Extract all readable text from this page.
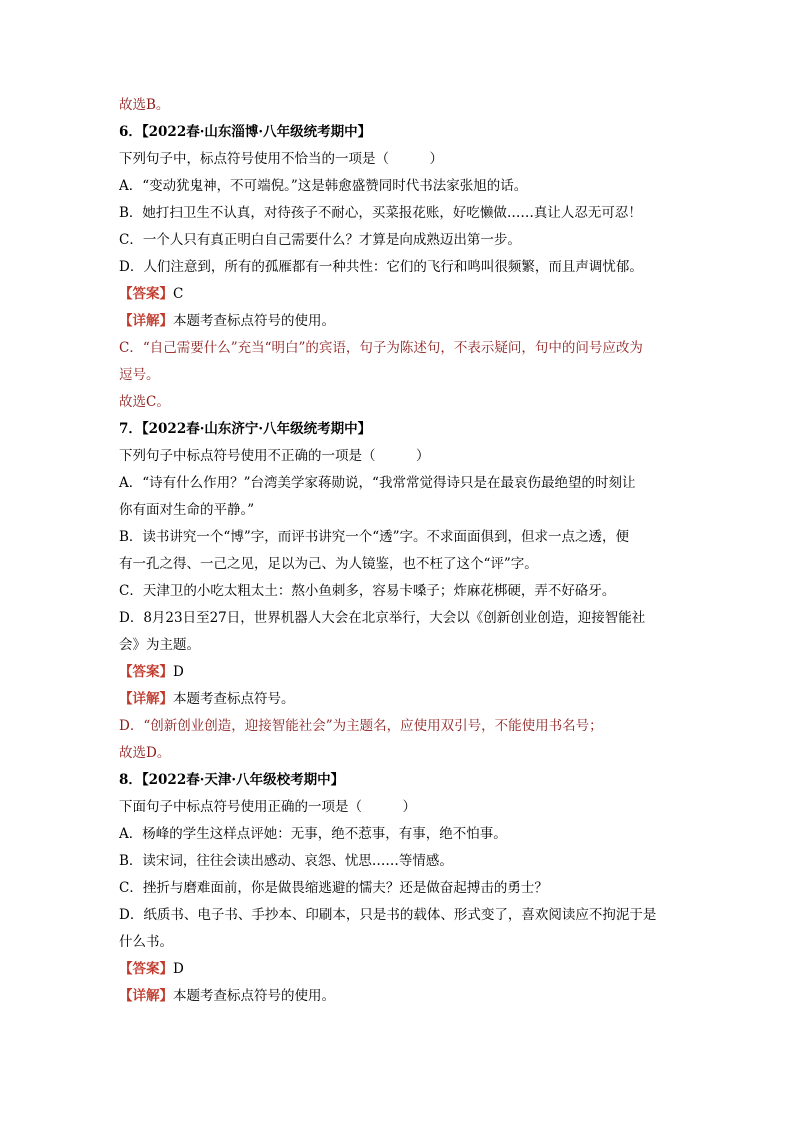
故选B。
6．【2022春·山东淄博·八年级统考期中】
下列句子中，标点符号使用不恰当的一项是（　　　）
A．“变动犹鬼神，不可端倪。”这是韩愈盛赞同时代书法家张旭的话。
B．她打扫卫生不认真，对待孩子不耐心，买菜报花账，好吃懒做……真让人忍无可忍！
C．一个人只有真正明白自己需要什么？才算是向成熟迈出第一步。
D．人们注意到，所有的孤雁都有一种共性：它们的飞行和鸣叫很频繁，而且声调忧郁。
【答案】C
【详解】本题考查标点符号的使用。
C．“自己需要什么”充当“明白”的宾语，句子为陈述句，不表示疑问，句中的问号应改为
逗号。
故选C。
7．【2022春·山东济宁·八年级统考期中】
下列句子中标点符号使用不正确的一项是（　　　）
A．“诗有什么作用？”台湾美学家蒋勋说，“我常常觉得诗只是在最哀伤最绝望的时刻让
你有面对生命的平静。”
B．读书讲究一个“博”字，而评书讲究一个“透”字。不求面面俱到，但求一点之透，便
有一孔之得、一己之见，足以为己、为人镜鉴，也不枉了这个“评”字。
C．天津卫的小吃太粗太土：熬小鱼刺多，容易卡嗓子；炸麻花梆硬，弄不好硌牙。
D．8月23日至27日，世界机器人大会在北京举行，大会以《创新创业创造，迎接智能社
会》为主题。
【答案】D
【详解】本题考查标点符号。
D．“创新创业创造，迎接智能社会”为主题名，应使用双引号，不能使用书名号；
故选D。
8．【2022春·天津·八年级校考期中】
下面句子中标点符号使用正确的一项是（　　　）
A．杨峰的学生这样点评她：无事，绝不惹事，有事，绝不怕事。
B．读宋词，往往会读出感动、哀怨、忧思……等情感。
C．挫折与磨难面前，你是做畏缩逃避的懦夫？还是做奋起搏击的勇士？
D．纸质书、电子书、手抄本、印刷本，只是书的载体、形式变了，喜欢阅读应不拘泥于是
什么书。
【答案】D
【详解】本题考查标点符号的使用。
